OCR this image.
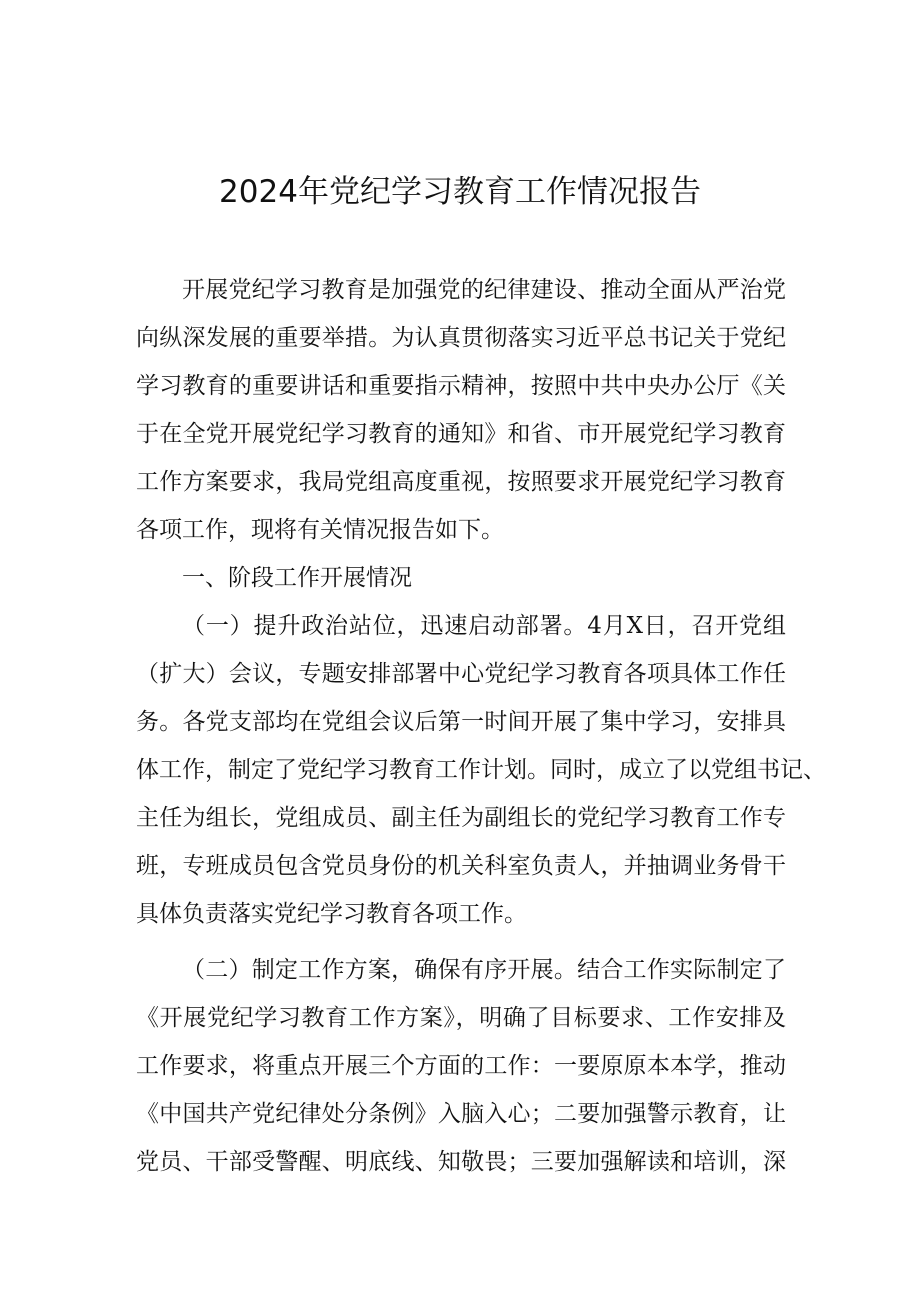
2024年党纪学习教育工作情况报告
开展党纪学习教育是加强党的纪律建设、推动全面从严治党
向纵深发展的重要举措。为认真贯彻落实习近平总书记关于党纪
学习教育的重要讲话和重要指示精神，按照中共中央办公厅《关
于在全党开展党纪学习教育的通知》和省、市开展党纪学习教育
工作方案要求，我局党组高度重视，按照要求开展党纪学习教育
各项工作，现将有关情况报告如下。
一、阶段工作开展情况
（一）提升政治站位，迅速启动部署。4月X日，召开党组
（扩大）会议，专题安排部署中心党纪学习教育各项具体工作任
务。各党支部均在党组会议后第一时间开展了集中学习，安排具
体工作，制定了党纪学习教育工作计划。同时，成立了以党组书记、
主任为组长，党组成员、副主任为副组长的党纪学习教育工作专
班，专班成员包含党员身份的机关科室负责人，并抽调业务骨干
具体负责落实党纪学习教育各项工作。
（二）制定工作方案，确保有序开展。结合工作实际制定了
《开展党纪学习教育工作方案》，明确了目标要求、工作安排及
工作要求，将重点开展三个方面的工作：一要原原本本学，推动
《中国共产党纪律处分条例》入脑入心；二要加强警示教育，让
党员、干部受警醒、明底线、知敬畏；三要加强解读和培训，深
